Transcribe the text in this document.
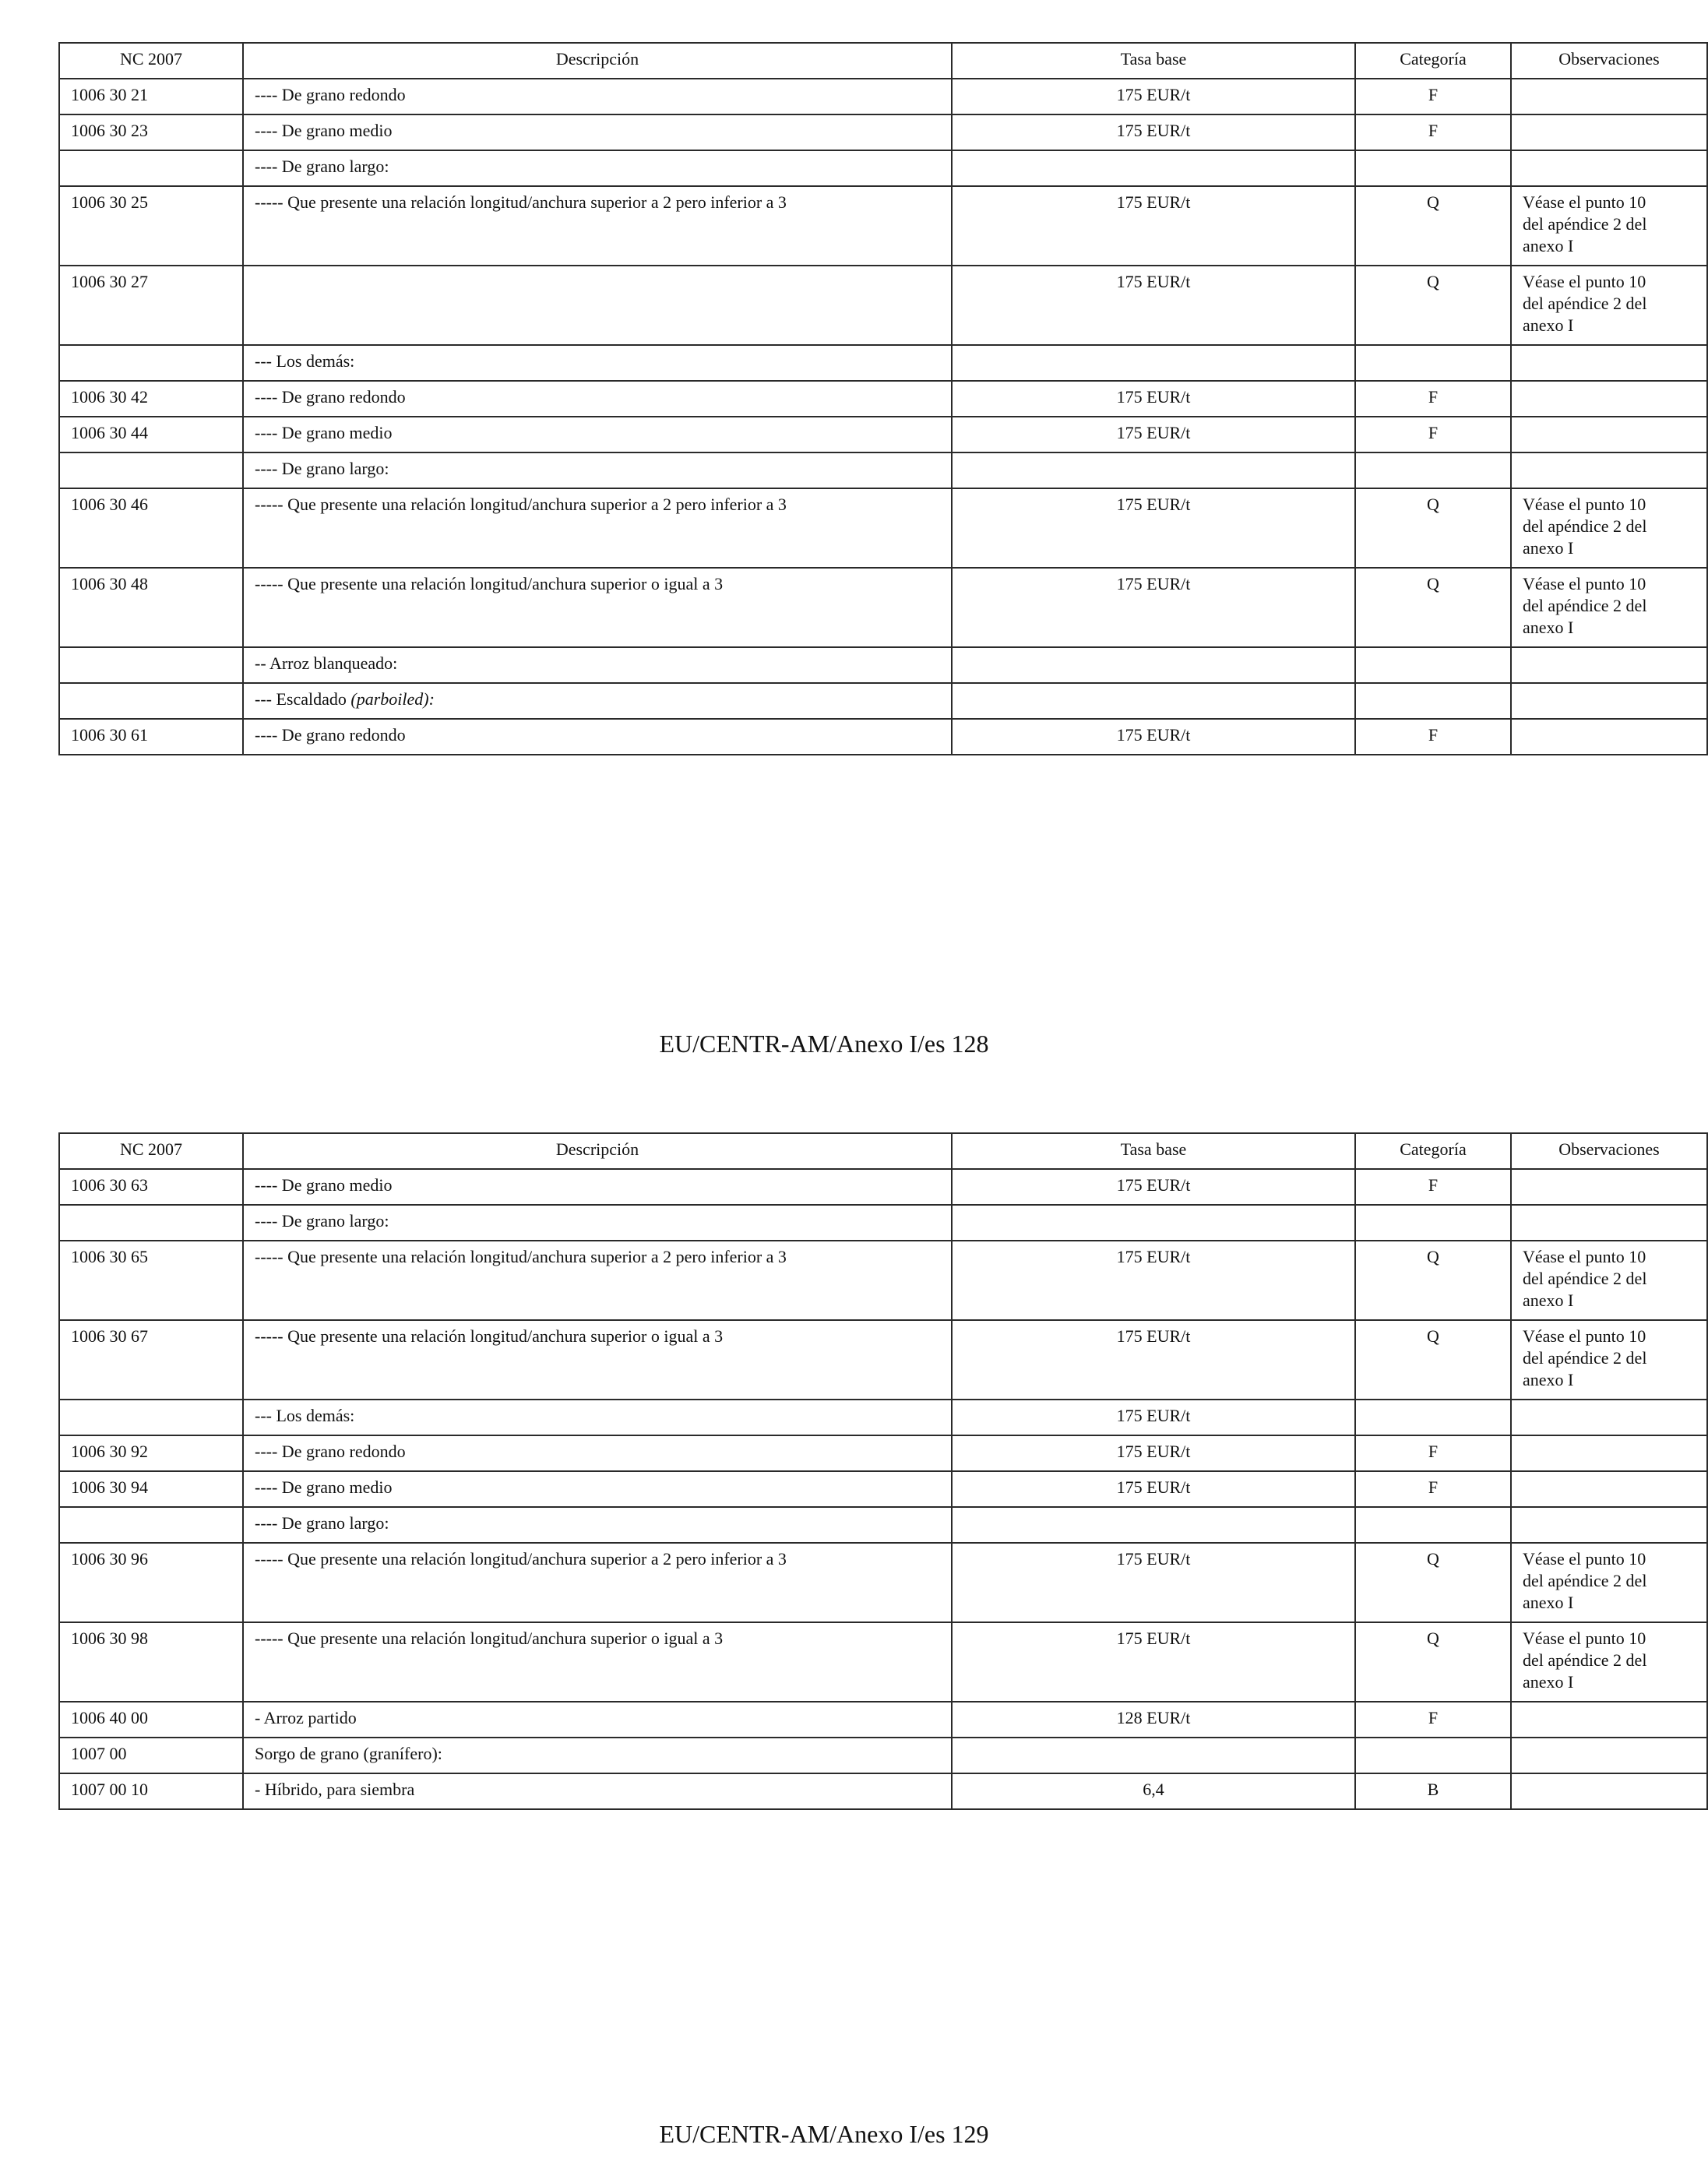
NC 2007	Descripción	Tasa base	Categoría	Observaciones
1006 30 21	---- De grano redondo	175 EUR/t	F	
1006 30 23	---- De grano medio	175 EUR/t	F	
	---- De grano largo:			
1006 30 25	----- Que presente una relación longitud/anchura superior a 2 pero inferior a 3	175 EUR/t	Q	Véase el punto 10
del apéndice 2 del
anexo I
1006 30 27		175 EUR/t	Q	Véase el punto 10
del apéndice 2 del
anexo I
	--- Los demás:			
1006 30 42	---- De grano redondo	175 EUR/t	F	
1006 30 44	---- De grano medio	175 EUR/t	F	
	---- De grano largo:			
1006 30 46	----- Que presente una relación longitud/anchura superior a 2 pero inferior a 3	175 EUR/t	Q	Véase el punto 10
del apéndice 2 del
anexo I
1006 30 48	----- Que presente una relación longitud/anchura superior o igual a 3	175 EUR/t	Q	Véase el punto 10
del apéndice 2 del
anexo I
	-- Arroz blanqueado:			
	--- Escaldado (parboiled):			
1006 30 61	---- De grano redondo	175 EUR/t	F	
EU/CENTR-AM/Anexo I/es 128
NC 2007	Descripción	Tasa base	Categoría	Observaciones
1006 30 63	---- De grano medio	175 EUR/t	F	
	---- De grano largo:			
1006 30 65	----- Que presente una relación longitud/anchura superior a 2 pero inferior a 3	175 EUR/t	Q	Véase el punto 10
del apéndice 2 del
anexo I
1006 30 67	----- Que presente una relación longitud/anchura superior o igual a 3	175 EUR/t	Q	Véase el punto 10
del apéndice 2 del
anexo I
	--- Los demás:	175 EUR/t		
1006 30 92	---- De grano redondo	175 EUR/t	F	
1006 30 94	---- De grano medio	175 EUR/t	F	
	---- De grano largo:			
1006 30 96	----- Que presente una relación longitud/anchura superior a 2 pero inferior a 3	175 EUR/t	Q	Véase el punto 10
del apéndice 2 del
anexo I
1006 30 98	----- Que presente una relación longitud/anchura superior o igual a 3	175 EUR/t	Q	Véase el punto 10
del apéndice 2 del
anexo I
1006 40 00	- Arroz partido	128 EUR/t	F	
1007 00	Sorgo de grano (granífero):			
1007 00 10	- Híbrido, para siembra	6,4	B	
EU/CENTR-AM/Anexo I/es 129
